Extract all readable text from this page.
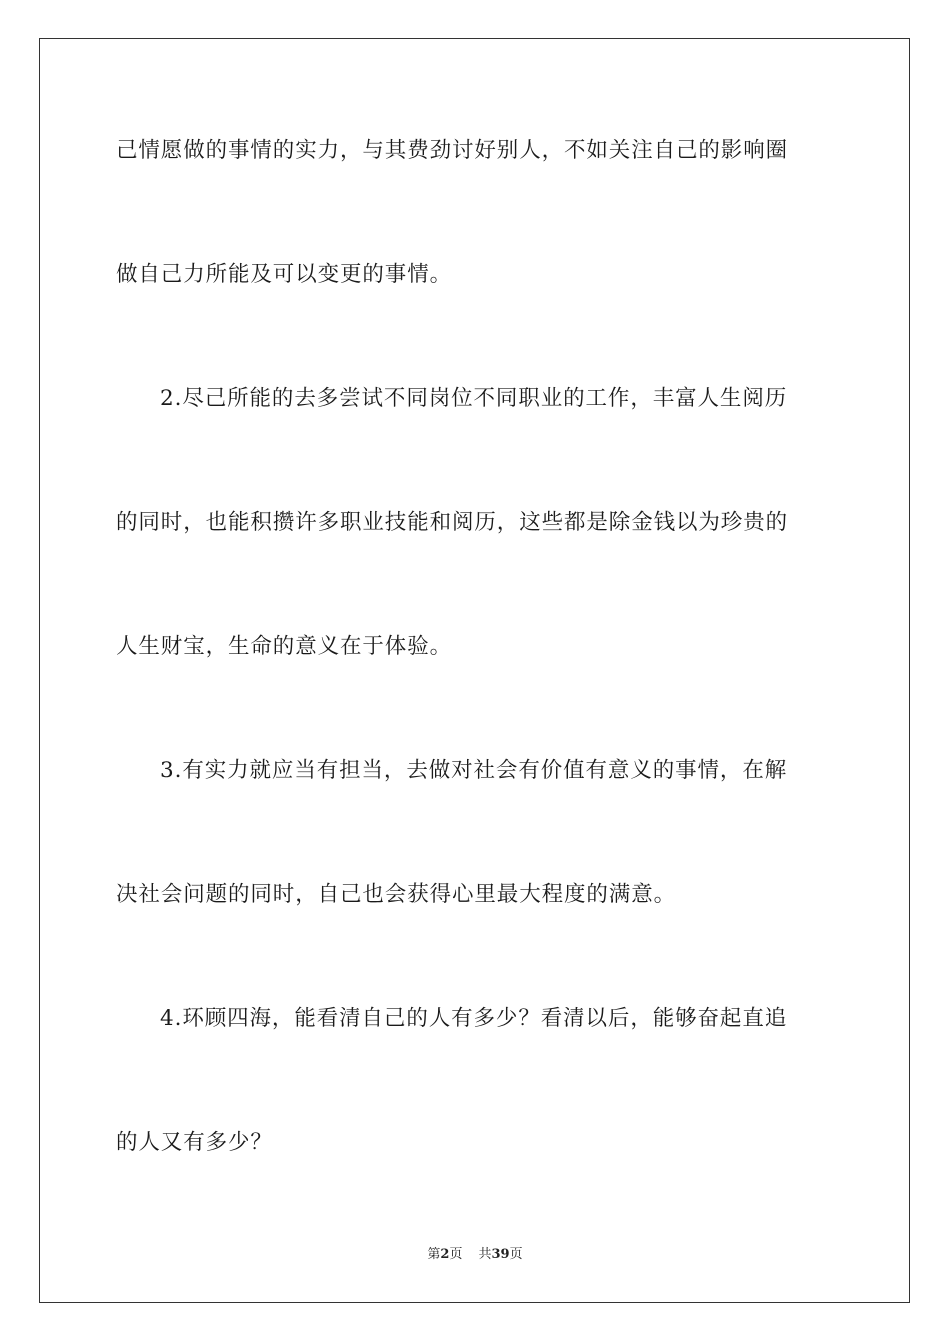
己情愿做的事情的实力，与其费劲讨好别人，不如关注自己的影响圈
做自己力所能及可以变更的事情。
2.尽己所能的去多尝试不同岗位不同职业的工作，丰富人生阅历
的同时，也能积攒许多职业技能和阅历，这些都是除金钱以为珍贵的
人生财宝，生命的意义在于体验。
3.有实力就应当有担当，去做对社会有价值有意义的事情，在解
决社会问题的同时，自己也会获得心里最大程度的满意。
4.环顾四海，能看清自己的人有多少？看清以后，能够奋起直追
的人又有多少？
第2页 共39页
